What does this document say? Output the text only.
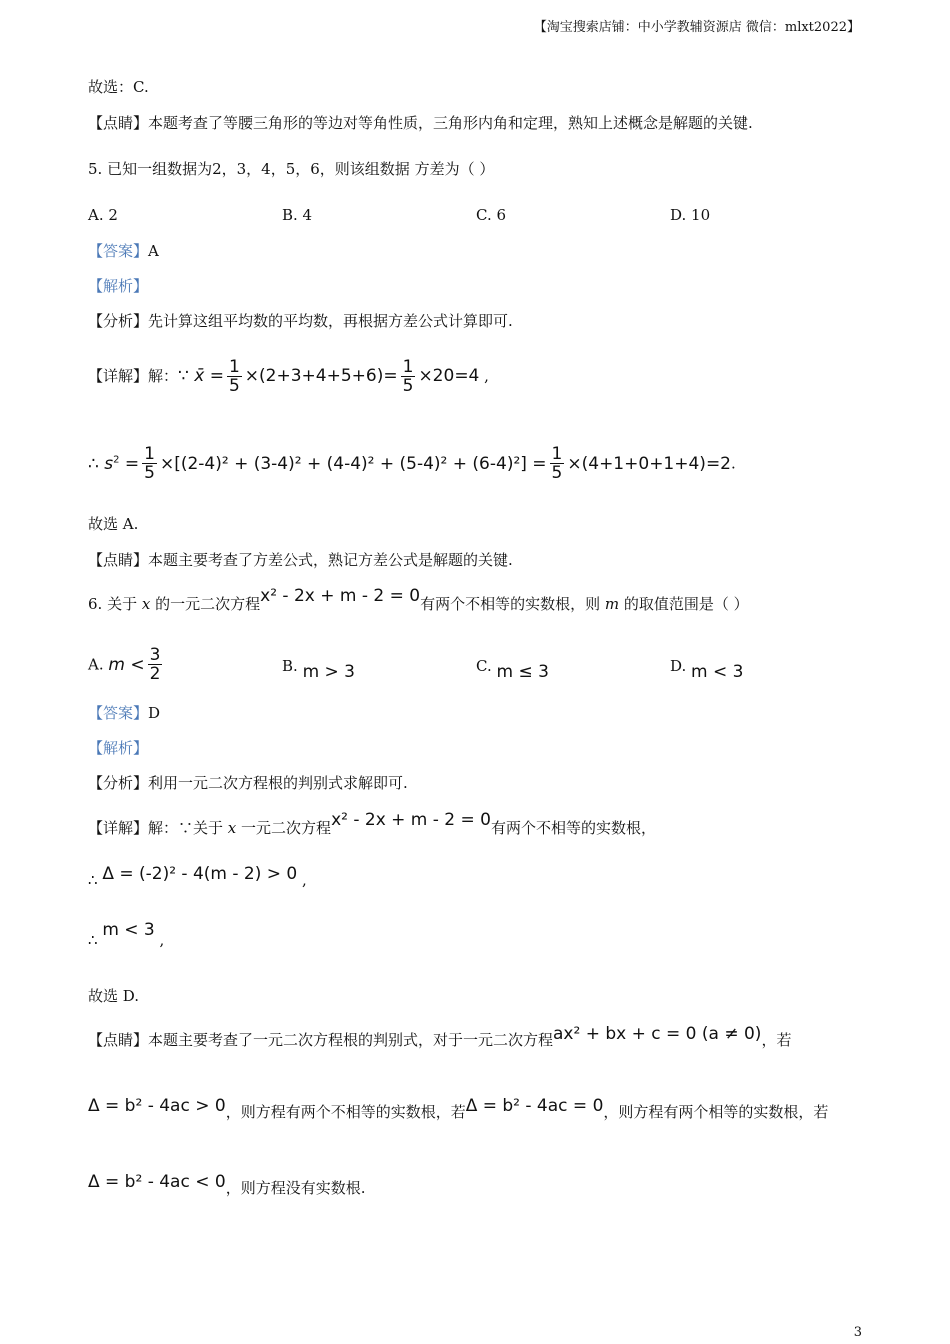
【淘宝搜索店铺：中小学教辅资源店 微信：mlxt2022】
故选：C.
【点睛】本题考查了等腰三角形的等边对等角性质，三角形内角和定理，熟知上述概念是解题的关键.
5. 已知一组数据为2，3，4，5，6，则该组数据 方差为（ ）
A. 2	B. 4	C. 6	D. 10
【答案】A
【解析】
【分析】先计算这组平均数的平均数，再根据方差公式计算即可.
【详解】解：∵ x̄ = $\frac{1}{5} \times(2+3+4+5+6)= \frac{1}{5} \times 20=4$ ,
∴ $s^2 = \frac{1}{5} \times[(2-4)^2 + (3-4)^2 + (4-4)^2 + (5-4)^2 + (6-4)^2] = \frac{1}{5} \times(4+1+0+1+4)=2$.
故选 A.
【点睛】本题主要考查了方差公式，熟记方差公式是解题的关键.
6. 关于 x 的一元二次方程x² - 2x + m - 2 = 0有两个不相等的实数根，则 m 的取值范围是（ ）
A. $m < \frac{3}{2}$	B. m > 3	C. m ≤ 3	D. m < 3
【答案】D
【解析】
【分析】利用一元二次方程根的判别式求解即可.
【详解】解：∵关于 x 一元二次方程x² - 2x + m - 2 = 0有两个不相等的实数根，
∴ Δ = (-2)² - 4(m - 2) > 0 ,
∴ m < 3 ,
故选 D.
【点睛】本题主要考查了一元二次方程根的判别式，对于一元二次方程ax² + bx + c = 0 (a ≠ 0)，若
Δ = b² - 4ac > 0，则方程有两个不相等的实数根，若Δ = b² - 4ac = 0，则方程有两个相等的实数根，若
Δ = b² - 4ac < 0，则方程没有实数根.
3
